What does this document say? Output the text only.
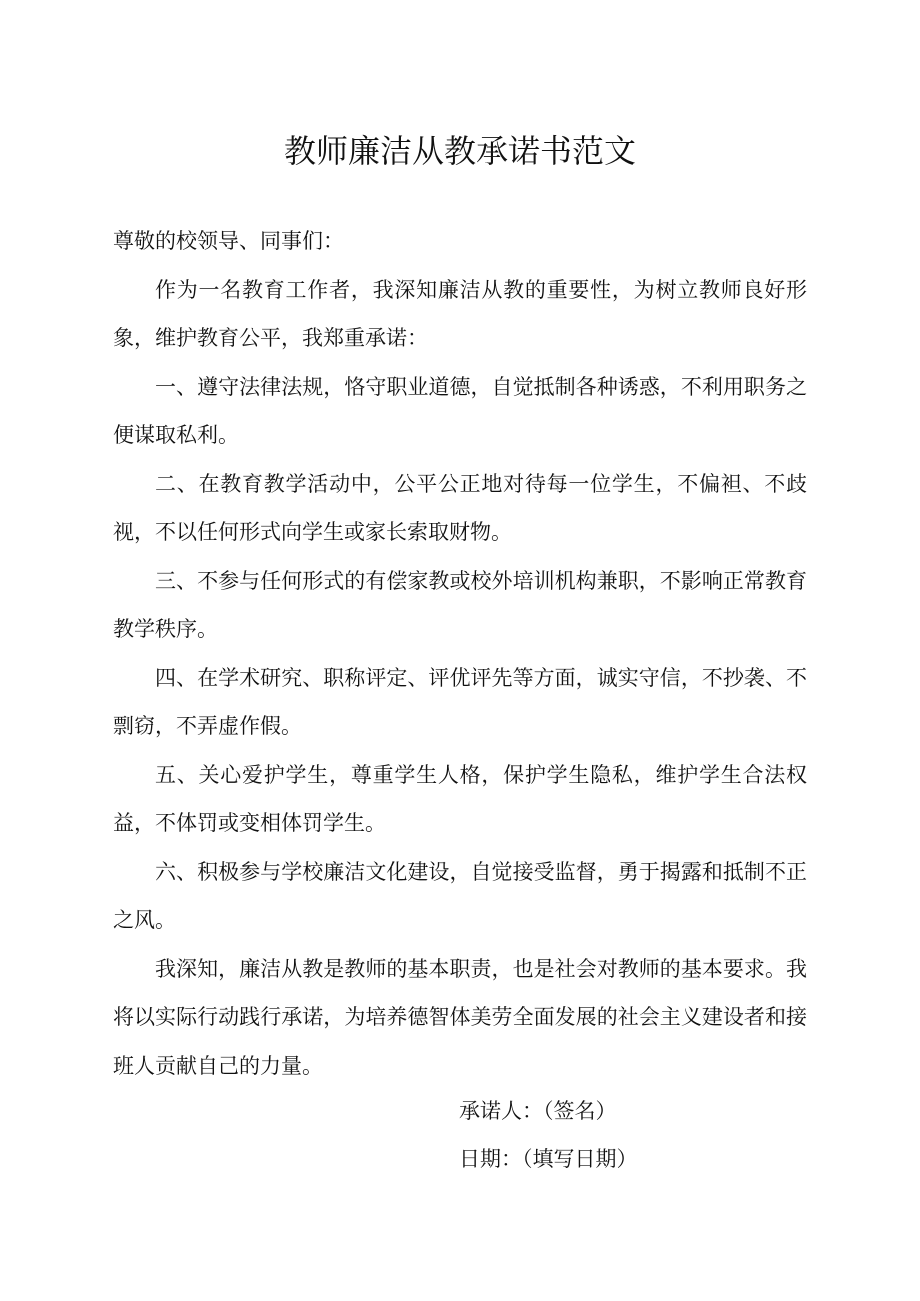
教师廉洁从教承诺书范文

尊敬的校领导、同事们：

作为一名教育工作者，我深知廉洁从教的重要性，为树立教师良好形象，维护教育公平，我郑重承诺：

一、遵守法律法规，恪守职业道德，自觉抵制各种诱惑，不利用职务之便谋取私利。

二、在教育教学活动中，公平公正地对待每一位学生，不偏袒、不歧视，不以任何形式向学生或家长索取财物。

三、不参与任何形式的有偿家教或校外培训机构兼职，不影响正常教育教学秩序。

四、在学术研究、职称评定、评优评先等方面，诚实守信，不抄袭、不剽窃，不弄虚作假。

五、关心爱护学生，尊重学生人格，保护学生隐私，维护学生合法权益，不体罚或变相体罚学生。

六、积极参与学校廉洁文化建设，自觉接受监督，勇于揭露和抵制不正之风。

我深知，廉洁从教是教师的基本职责，也是社会对教师的基本要求。我将以实际行动践行承诺，为培养德智体美劳全面发展的社会主义建设者和接班人贡献自己的力量。

承诺人：（签名）

日期：（填写日期）
